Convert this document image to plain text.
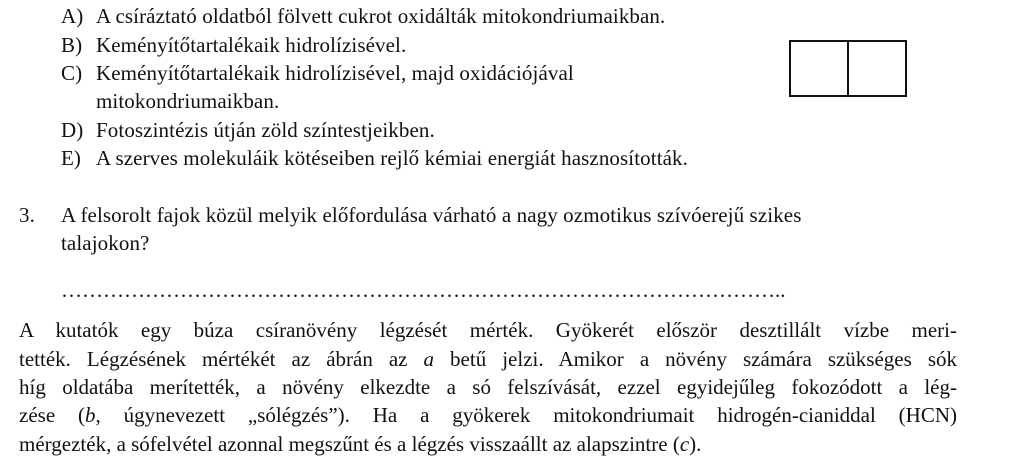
A) A csíráztató oldatból fölvett cukrot oxidálták mitokondriumaikban.
B) Keményítőtartalékaik hidrolízisével.
C) Keményítőtartalékaik hidrolízisével, majd oxidációjával
mitokondriumaikban.
D) Fotoszintézis útján zöld színtestjeikben.
E) A szerves molekuláik kötéseiben rejlő kémiai energiát hasznosították.
3. A felsorolt fajok közül melyik előfordulása várható a nagy ozmotikus szívóerejű szikes
talajokon?
…………………………………………………………………………………………..
A kutatók egy búza csíranövény légzését mérték. Gyökerét először desztillált vízbe meri-
tették. Légzésének mértékét az ábrán az a betű jelzi. Amikor a növény számára szükséges sók
híg oldatába merítették, a növény elkezdte a só felszívását, ezzel egyidejűleg fokozódott a lég-
zése (b, úgynevezett „sólégzés”). Ha a gyökerek mitokondriumait hidrogén-cianiddal (HCN)
mérgezték, a sófelvétel azonnal megszűnt és a légzés visszaállt az alapszintre (c).
